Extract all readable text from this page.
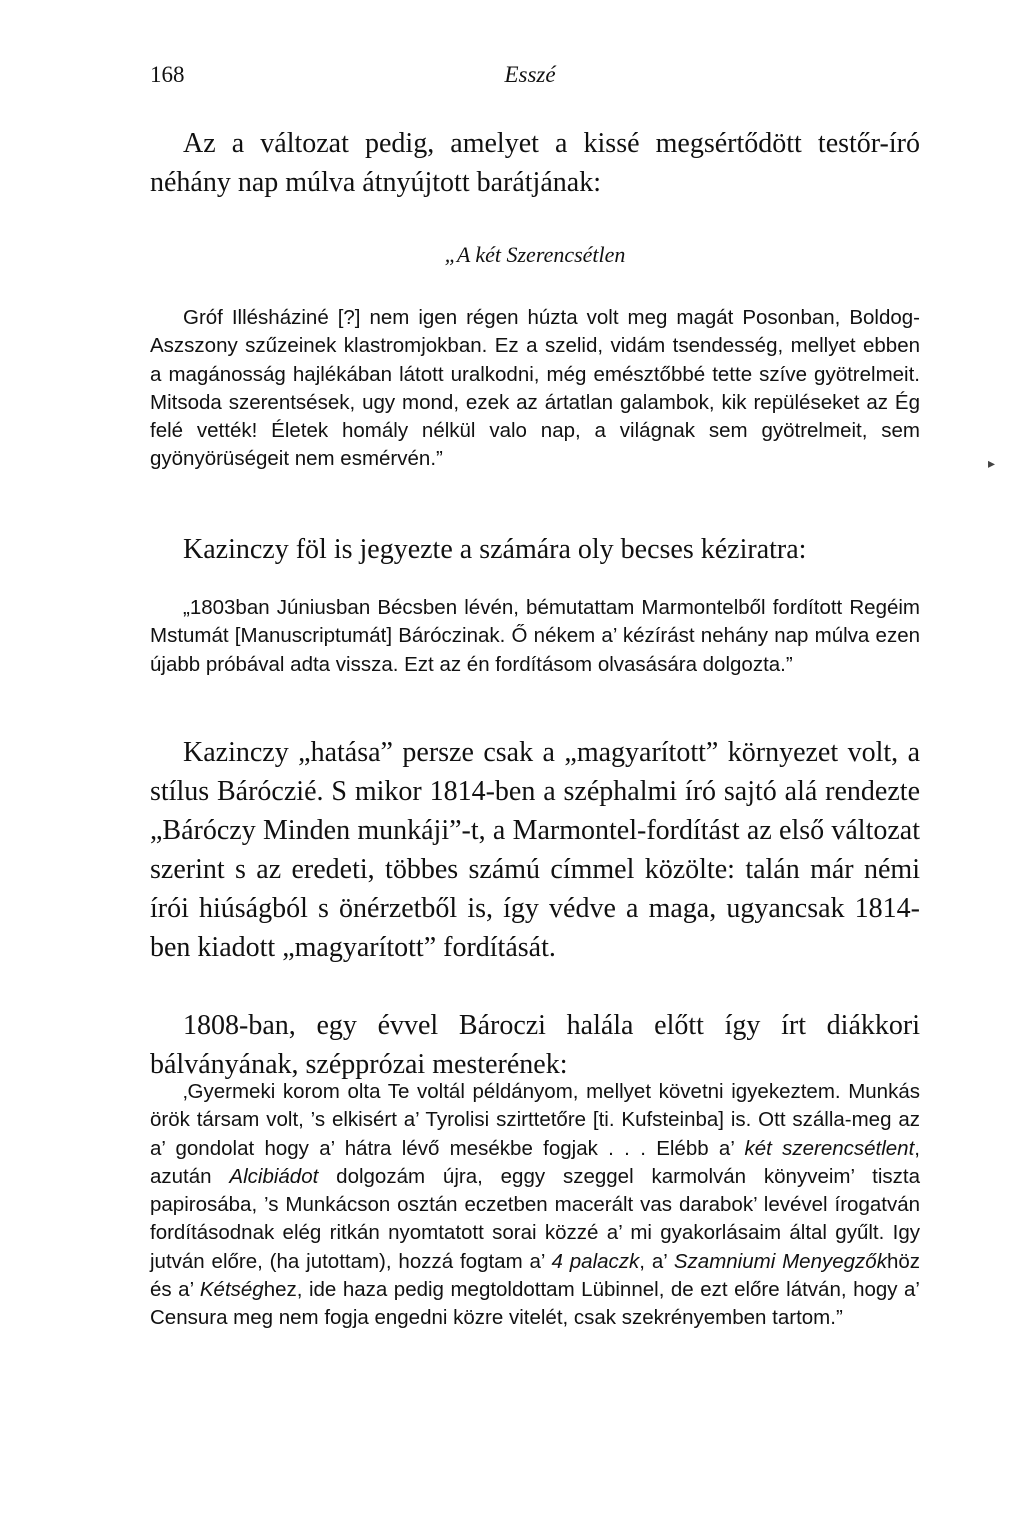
168	Esszé

Az a változat pedig, amelyet a kissé megsértődött testőr-író néhány nap múlva átnyújtott barátjának:

„A két Szerencsétlen

Gróf Illésháziné [?] nem igen régen húzta volt meg magát Posonban, Boldog-Aszszony szűzeinek klastromjokban. Ez a szelid, vidám tsendesség, mellyet ebben a magánosság hajlékában látott uralkodni, még emésztőbbé tette szíve gyötrelmeit. Mitsoda szerentsések, ugy mond, ezek az ártatlan galambok, kik repüléseket az Ég felé vették! Életek homály nélkül valo nap, a világnak sem gyötrelmeit, sem gyönyörüségeit nem esmérvén.”	▸

Kazinczy föl is jegyezte a számára oly becses kéziratra:

„1803ban Júniusban Bécsben lévén, bémutattam Marmontelből fordított Regéim Mstumát [Manuscriptumát] Báróczinak. Ő nékem a’ kézírást nehány nap múlva ezen újabb próbával adta vissza. Ezt az én fordításom olvasására dolgozta.”

Kazinczy „hatása” persze csak a „magyarított” környezet volt, a stílus Báróczié. S mikor 1814-ben a széphalmi író sajtó alá rendezte „Báróczy Minden munkáji”-t, a Marmontel-fordítást az első változat szerint s az eredeti, többes számú címmel közölte: talán már némi írói hiúságból s önérzetből is, így védve a maga, ugyancsak 1814-ben kiadott „magyarított” fordítását.

1808-ban, egy évvel Bároczi halála előtt így írt diákkori bálványának, szépprózai mesterének:

‚Gyermeki korom olta Te voltál példányom, mellyet követni igyekeztem. Munkás örök társam volt, ’s elkisért a’ Tyrolisi szirttetőre [ti. Kufsteinba] is. Ott szálla-meg az a’ gondolat hogy a’ hátra lévő mesékbe fogjak . . . Elébb a’ két szerencsétlent, azután Alcibiádot dolgozám újra, eggy szeggel karmolván könyveim’ tiszta papirosába, ’s Munkácson osztán eczetben macerált vas darabok’ levével írogatván fordításodnak elég ritkán nyomtatott sorai közzé a’ mi gyakorlásaim által gyűlt. Igy jutván előre, (ha jutottam), hozzá fogtam a’ 4 palaczk, a’ Szamniumi Menyegzőkhöz és a’ Kétséghez, ide haza pedig megtoldottam Lübinnel, de ezt előre látván, hogy a’ Censura meg nem fogja engedni közre vitelét, csak szekrényemben tartom.”
